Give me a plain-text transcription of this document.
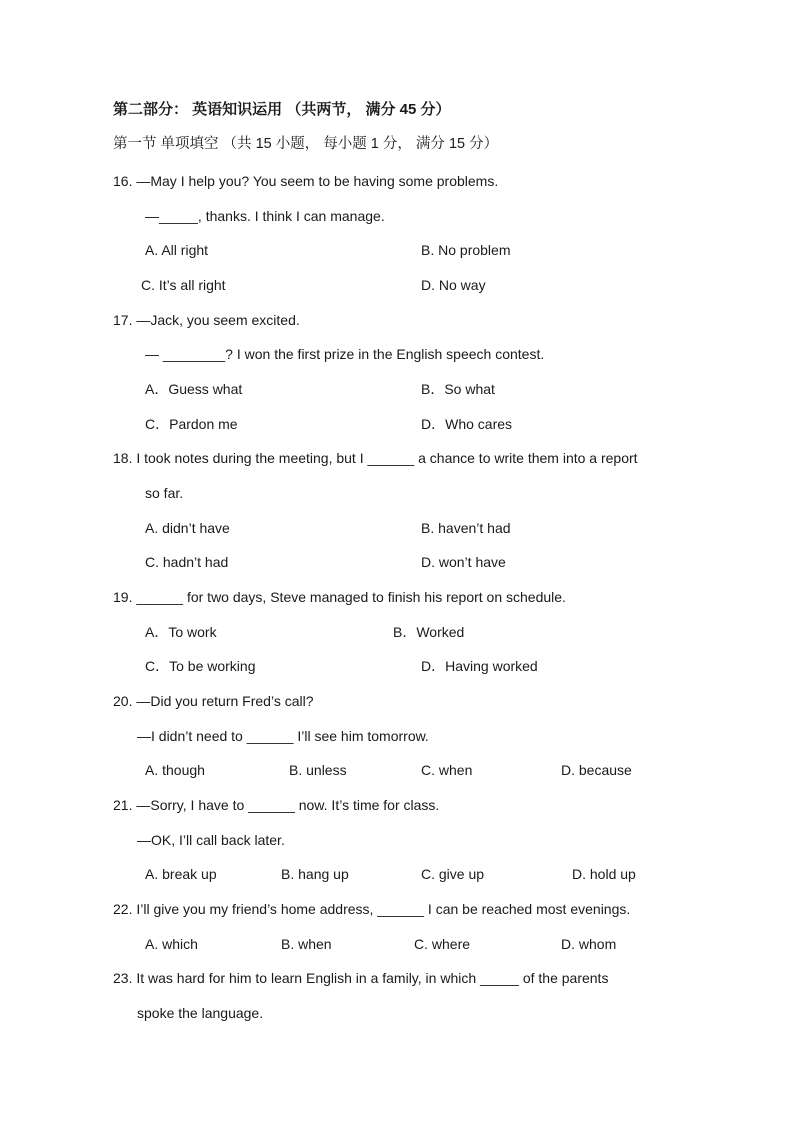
第二部分： 英语知识运用 （共两节， 满分 45 分）
第一节 单项填空 （共 15 小题， 每小题 1 分， 满分 15 分）
16. —May I help you? You seem to be having some problems.
—_____, thanks. I think I can manage.
A. All right	B. No problem
C. It’s all right	D. No way
17. —Jack, you seem excited.
— ________? I won the first prize in the English speech contest.
A．Guess what	B．So what
C．Pardon me	D．Who cares
18. I took notes during the meeting, but I ______ a chance to write them into a report
so far.
A. didn’t have	B. haven’t had
C. hadn’t had	D. won’t have
19. ______ for two days, Steve managed to finish his report on schedule.
A．To work	B．Worked
C．To be working	D．Having worked
20. —Did you return Fred’s call?
—I didn’t need to ______ I’ll see him tomorrow.
A. though	B. unless	C. when	D. because
21. —Sorry, I have to ______ now. It’s time for class.
—OK, I’ll call back later.
A. break up	B. hang up	C. give up	D. hold up
22. I’ll give you my friend’s home address, ______ I can be reached most evenings.
A. which	B. when	C. where	D. whom
23. It was hard for him to learn English in a family, in which _____ of the parents
spoke the language.
